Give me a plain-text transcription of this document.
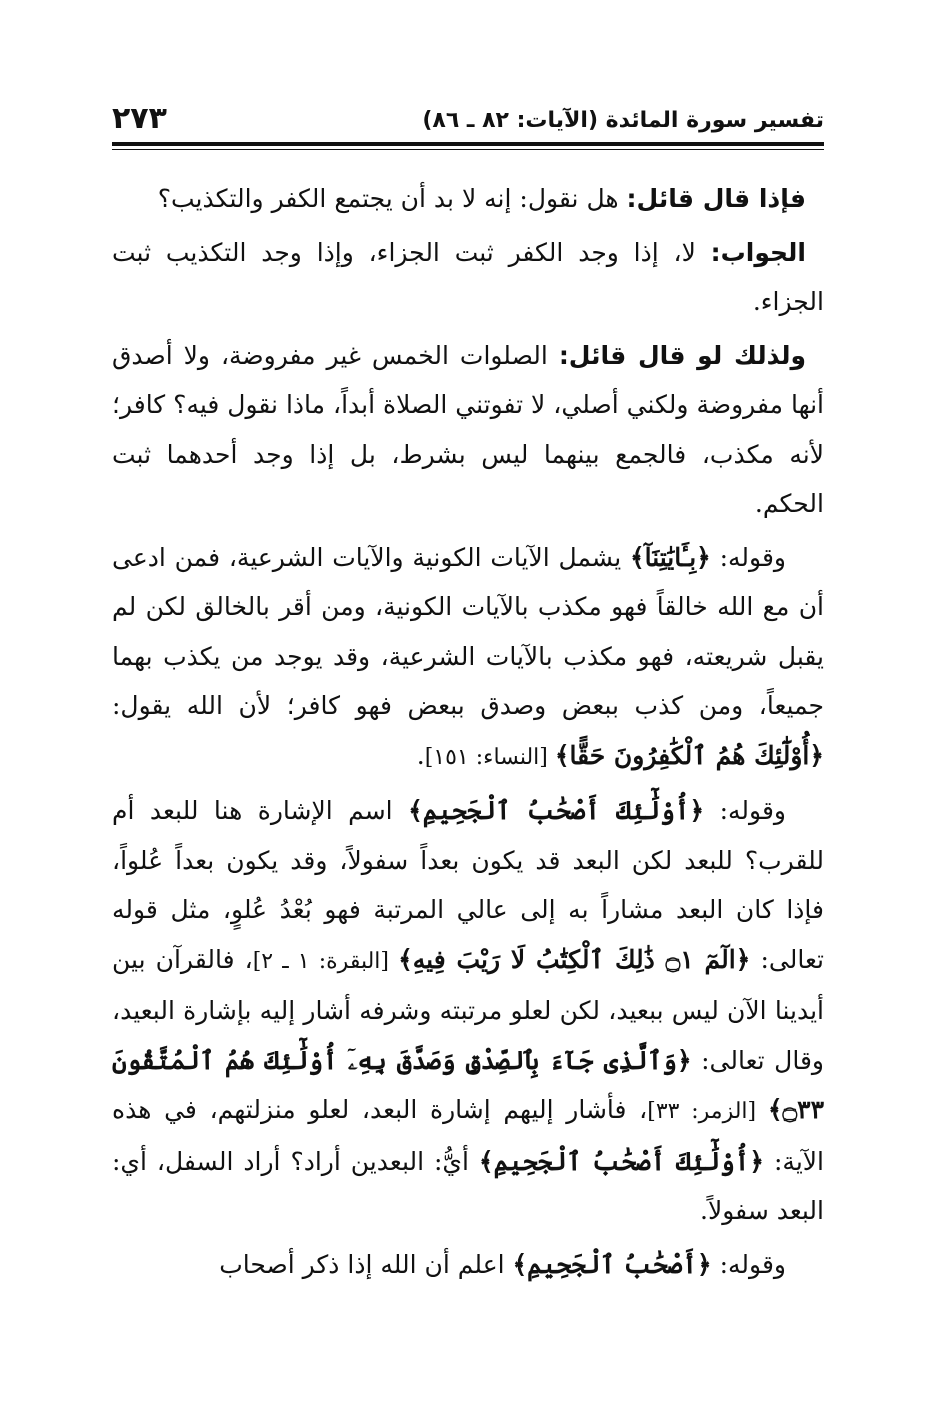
تفسير سورة المائدة (الآيات: ٨٢ ـ ٨٦)
٢٧٣

فإذا قال قائل: هل نقول: إنه لا بد أن يجتمع الكفر والتكذيب؟

الجواب: لا، إذا وجد الكفر ثبت الجزاء، وإذا وجد التكذيب ثبت الجزاء.

ولذلك لو قال قائل: الصلوات الخمس غير مفروضة، ولا أصدق أنها مفروضة ولكني أصلي، لا تفوتني الصلاة أبداً، ماذا نقول فيه؟ كافر؛ لأنه مكذب، فالجمع بينهما ليس بشرط، بل إذا وجد أحدهما ثبت الحكم.

وقوله: ﴿بِـَٔايَٰتِنَآ﴾ يشمل الآيات الكونية والآيات الشرعية، فمن ادعى أن مع الله خالقاً فهو مكذب بالآيات الكونية، ومن أقر بالخالق لكن لم يقبل شريعته، فهو مكذب بالآيات الشرعية، وقد يوجد من يكذب بهما جميعاً، ومن كذب ببعض وصدق ببعض فهو كافر؛ لأن الله يقول: ﴿أُوْلَٰٓئِكَ هُمُ ٱلْكَٰفِرُونَ حَقًّا﴾ [النساء: ١٥١].

وقوله: ﴿أُوْلَٰٓئِكَ أَصْحَٰبُ ٱلْجَحِيمِ﴾ اسم الإشارة هنا للبعد أم للقرب؟ للبعد لكن البعد قد يكون بعداً سفولاً، وقد يكون بعداً عُلواً، فإذا كان البعد مشاراً به إلى عالي المرتبة فهو بُعْدُ عُلوٍ، مثل قوله تعالى: ﴿الٓمٓ ۝١ ذَٰلِكَ ٱلْكِتَٰبُ لَا رَيْبَ فِيهِ﴾ [البقرة: ١ ـ ٢]، فالقرآن بين أيدينا الآن ليس ببعيد، لكن لعلو مرتبته وشرفه أشار إليه بإشارة البعيد، وقال تعالى: ﴿وَٱلَّذِى جَآءَ بِٱلصِّدْقِ وَصَدَّقَ بِهِۦٓ أُوْلَٰٓئِكَ هُمُ ٱلْمُتَّقُونَ ۝٣٣﴾ [الزمر: ٣٣]، فأشار إليهم إشارة البعد، لعلو منزلتهم، في هذه الآية: ﴿أُوْلَٰٓئِكَ أَصْحَٰبُ ٱلْجَحِيمِ﴾ أيُّ: البعدين أراد؟ أراد السفل، أي: البعد سفولاً.

وقوله: ﴿أَصْحَٰبُ ٱلْجَحِيمِ﴾ اعلم أن الله إذا ذكر أصحاب
